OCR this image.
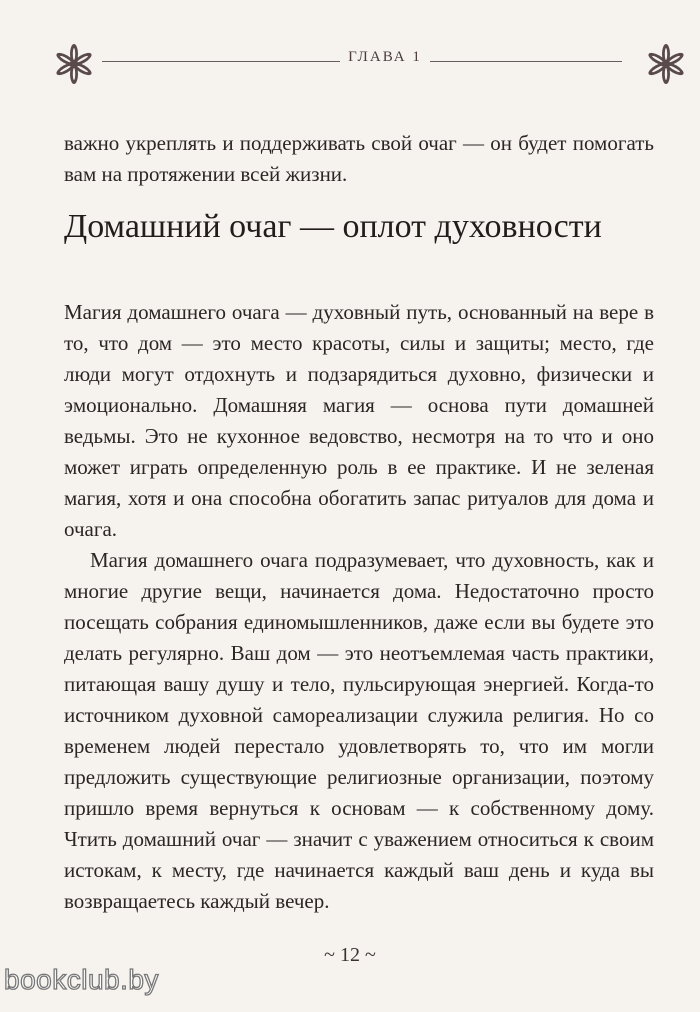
ГЛАВА 1

важно укреплять и поддерживать свой очаг — он будет помогать вам на протяжении всей жизни.

Домашний очаг — оплот духовности

Магия домашнего очага — духовный путь, основанный на вере в то, что дом — это место красоты, силы и защиты; место, где люди могут отдохнуть и подзарядиться духовно, физически и эмоционально. Домашняя магия — основа пути домашней ведьмы. Это не кухонное ведовство, несмотря на то что и оно может играть определенную роль в ее практике. И не зеленая магия, хотя и она способна обогатить запас ритуалов для дома и очага.

Магия домашнего очага подразумевает, что духовность, как и многие другие вещи, начинается дома. Недостаточно просто посещать собрания единомышленников, даже если вы будете это делать регулярно. Ваш дом — это неотъемлемая часть практики, питающая вашу душу и тело, пульсирующая энергией. Когда-то источником духовной самореализации служила религия. Но со временем людей перестало удовлетворять то, что им могли предложить существующие религиозные организации, поэтому пришло время вернуться к основам — к собственному дому. Чтить домашний очаг — значит с уважением относиться к своим истокам, к месту, где начинается каждый ваш день и куда вы возвращаетесь каждый вечер.

~ 12 ~
bookclub.by
